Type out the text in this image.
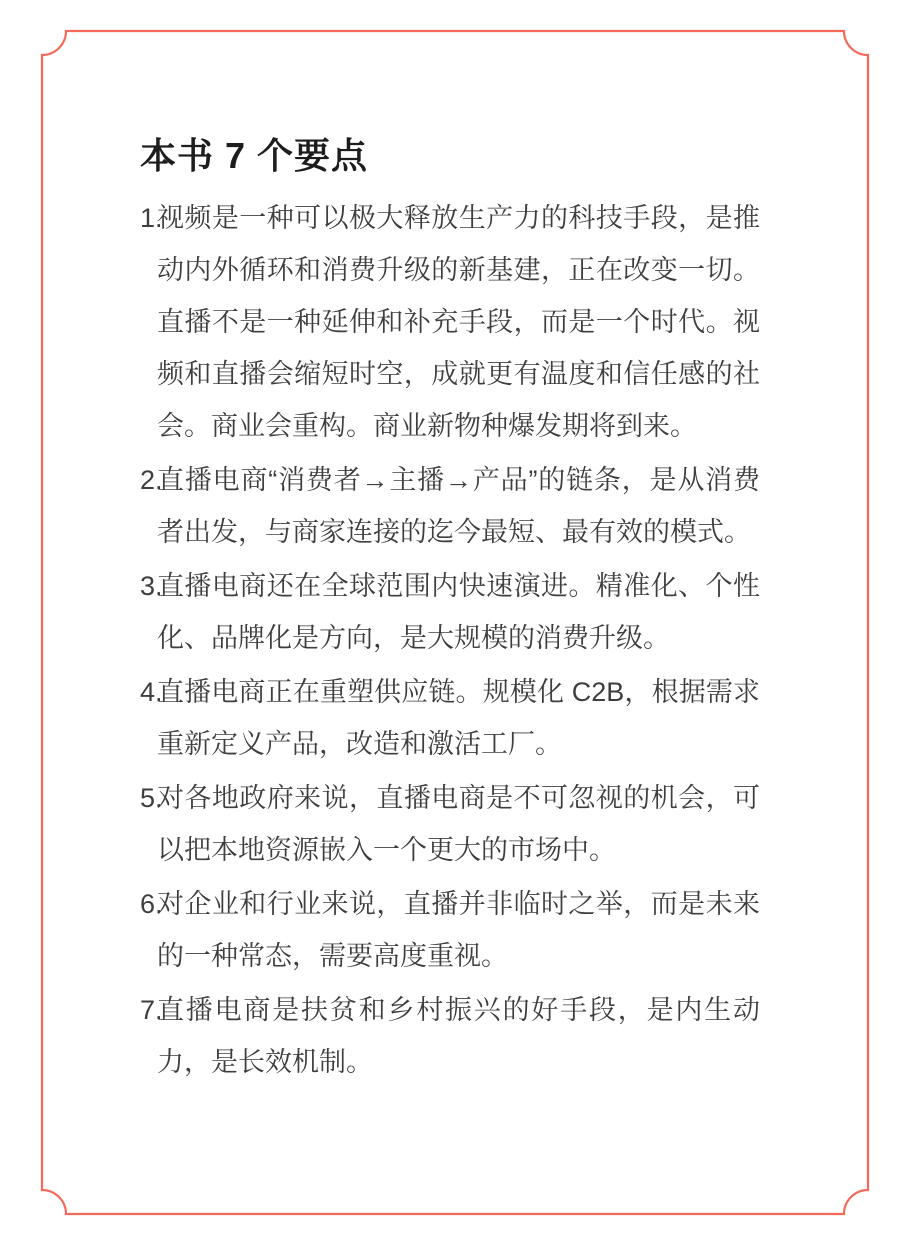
本书 7 个要点
1.
视频是一种可以极大释放生产力的科技手段，是推动内外循环和消费升级的新基建，正在改变一切。直播不是一种延伸和补充手段，而是一个时代。视频和直播会缩短时空，成就更有温度和信任感的社会。商业会重构。商业新物种爆发期将到来。
2.
直播电商“消费者→主播→产品”的链条，是从消费者出发，与商家连接的迄今最短、最有效的模式。
3.
直播电商还在全球范围内快速演进。精准化、个性化、品牌化是方向，是大规模的消费升级。
4.
直播电商正在重塑供应链。规模化 C2B，根据需求重新定义产品，改造和激活工厂。
5.
对各地政府来说，直播电商是不可忽视的机会，可以把本地资源嵌入一个更大的市场中。
6.
对企业和行业来说，直播并非临时之举，而是未来的一种常态，需要高度重视。
7.
直播电商是扶贫和乡村振兴的好手段，是内生动力，是长效机制。
